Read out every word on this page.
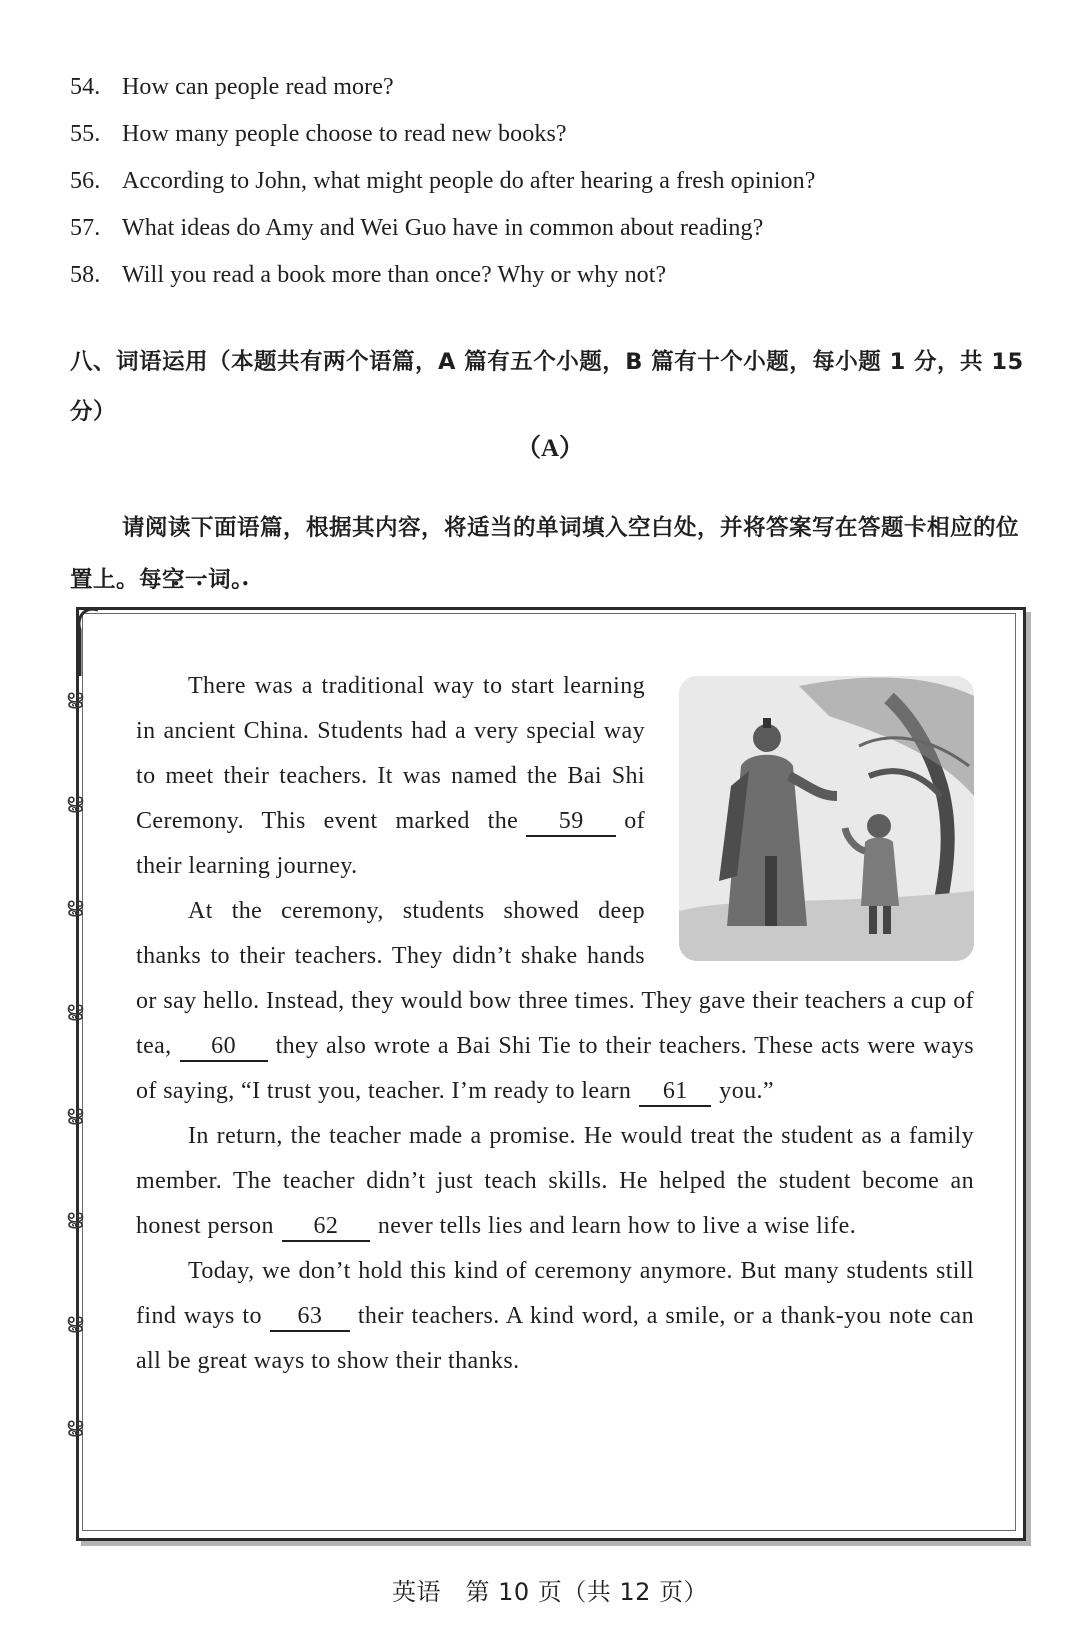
54. How can people read more?
55. How many people choose to read new books?
56. According to John, what might people do after hearing a fresh opinion?
57. What ideas do Amy and Wei Guo have in common about reading?
58. Will you read a book more than once? Why or why not?
八、词语运用（本题共有两个语篇，A 篇有五个小题，B 篇有十个小题，每小题 1 分，共 15 分）
（A）
请阅读下面语篇，根据其内容，将适当的单词填入空白处，并将答案写在答题卡相应的位置上。每 •空 •一 •词 •。
ൠ
ൠ
ൠ
ൠ
ൠ
ൠ
ൠ
ൠ
There was a traditional way to start learning in ancient China. Students had a very special way to meet their teachers. It was named the Bai Shi Ceremony. This event marked the 59 of their learning journey.
At the ceremony, students showed deep thanks to their teachers. They didn’t shake hands or say hello. Instead, they would bow three times. They gave their teachers a cup of tea, 60 they also wrote a Bai Shi Tie to their teachers. These acts were ways of saying, “I trust you, teacher. I’m ready to learn 61 you.”
In return, the teacher made a promise. He would treat the student as a family member. The teacher didn’t just teach skills. He helped the student become an honest person 62 never tells lies and learn how to live a wise life.
Today, we don’t hold this kind of ceremony anymore. But many students still find ways to 63 their teachers. A kind word, a smile, or a thank-you note can all be great ways to show their thanks.
英语　第 10 页（共 12 页）
